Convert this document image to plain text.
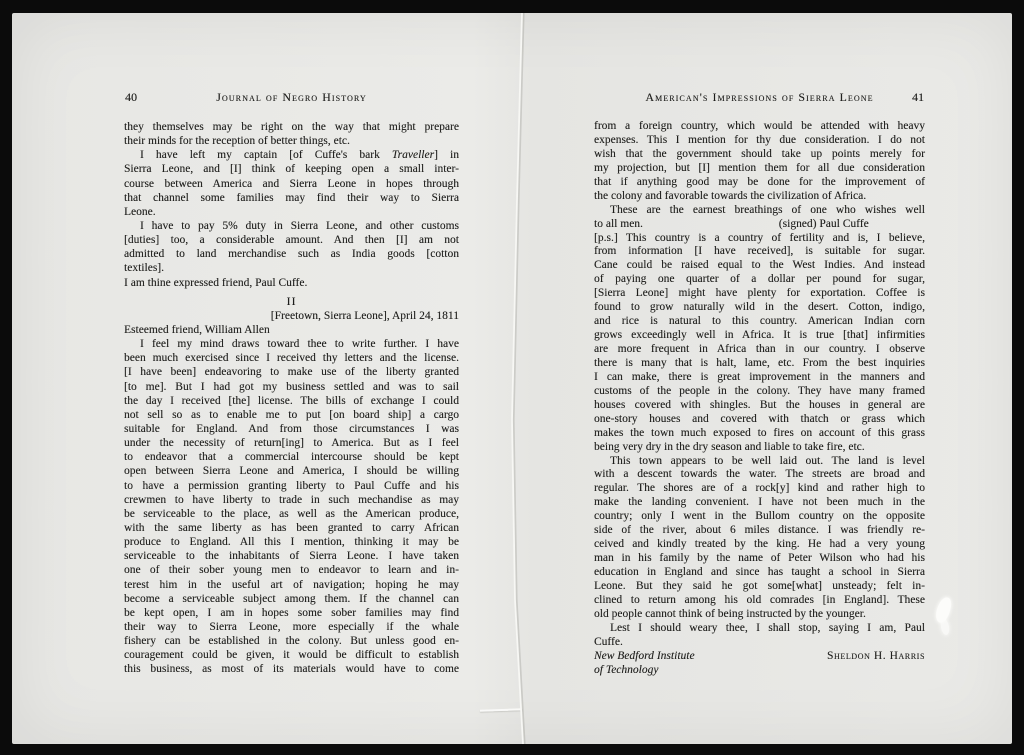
40	Journal of Negro History
they themselves may be right on the way that might prepare
their minds for the reception of better things, etc.
I have left my captain [of Cuffe's bark Traveller] in
Sierra Leone, and [I] think of keeping open a small inter-
course between America and Sierra Leone in hopes through
that channel some families may find their way to Sierra
Leone.
I have to pay 5% duty in Sierra Leone, and other customs
[duties] too, a considerable amount. And then [I] am not
admitted to land merchandise such as India goods [cotton
textiles].
I am thine expressed friend, Paul Cuffe.
II
[Freetown, Sierra Leone], April 24, 1811
Esteemed friend, William Allen
I feel my mind draws toward thee to write further. I have
been much exercised since I received thy letters and the license.
[I have been] endeavoring to make use of the liberty granted
[to me]. But I had got my business settled and was to sail
the day I received [the] license. The bills of exchange I could
not sell so as to enable me to put [on board ship] a cargo
suitable for England. And from those circumstances I was
under the necessity of return[ing] to America. But as I feel
to endeavor that a commercial intercourse should be kept
open between Sierra Leone and America, I should be willing
to have a permission granting liberty to Paul Cuffe and his
crewmen to have liberty to trade in such mechandise as may
be serviceable to the place, as well as the American produce,
with the same liberty as has been granted to carry African
produce to England. All this I mention, thinking it may be
serviceable to the inhabitants of Sierra Leone. I have taken
one of their sober young men to endeavor to learn and in-
terest him in the useful art of navigation; hoping he may
become a serviceable subject among them. If the channel can
be kept open, I am in hopes some sober families may find
their way to Sierra Leone, more especially if the whale
fishery can be established in the colony. But unless good en-
couragement could be given, it would be difficult to establish
this business, as most of its materials would have to come
American's Impressions of Sierra Leone	41
from a foreign country, which would be attended with heavy
expenses. This I mention for thy due consideration. I do not
wish that the government should take up points merely for
my projection, but [I] mention them for all due consideration
that if anything good may be done for the improvement of
the colony and favorable towards the civilization of Africa.
These are the earnest breathings of one who wishes well
to all men.	(signed) Paul Cuffe
[p.s.] This country is a country of fertility and is, I believe,
from information [I have received], is suitable for sugar.
Cane could be raised equal to the West Indies. And instead
of paying one quarter of a dollar per pound for sugar,
[Sierra Leone] might have plenty for exportation. Coffee is
found to grow naturally wild in the desert. Cotton, indigo,
and rice is natural to this country. American Indian corn
grows exceedingly well in Africa. It is true [that] infirmities
are more frequent in Africa than in our country. I observe
there is many that is halt, lame, etc. From the best inquiries
I can make, there is great improvement in the manners and
customs of the people in the colony. They have many framed
houses covered with shingles. But the houses in general are
one-story houses and covered with thatch or grass which
makes the town much exposed to fires on account of this grass
being very dry in the dry season and liable to take fire, etc.
This town appears to be well laid out. The land is level
with a descent towards the water. The streets are broad and
regular. The shores are of a rock[y] kind and rather high to
make the landing convenient. I have not been much in the
country; only I went in the Bullom country on the opposite
side of the river, about 6 miles distance. I was friendly re-
ceived and kindly treated by the king. He had a very young
man in his family by the name of Peter Wilson who had his
education in England and since has taught a school in Sierra
Leone. But they said he got some[what] unsteady; felt in-
clined to return among his old comrades [in England]. These
old people cannot think of being instructed by the younger.
Lest I should weary thee, I shall stop, saying I am, Paul
Cuffe.
New Bedford Institute	Sheldon H. Harris
of Technology
